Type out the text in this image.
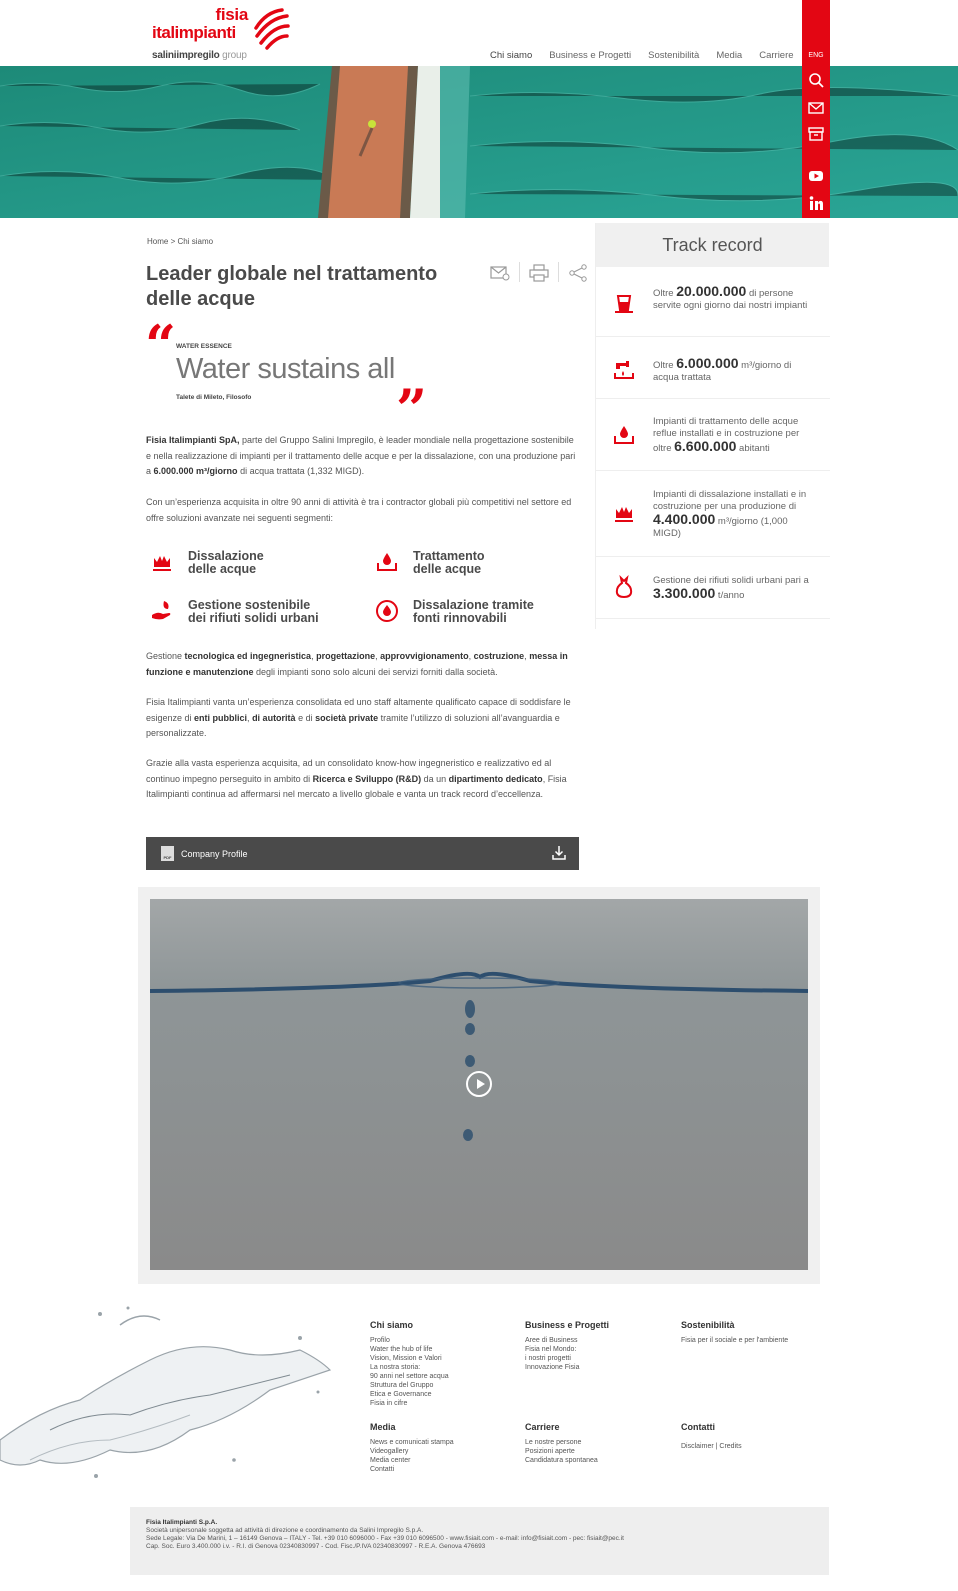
fisia
italimpianti
saliniimpregilo group	Chi siamo Business e Progetti Sostenibilità Media Carriere	ENG
Home > Chi siamo
Leader globale nel trattamento delle acque
“ WATER ESSENCE
Water sustains all
Talete di Mileto, Filosofo	”

Fisia Italimpianti SpA, parte del Gruppo Salini Impregilo, è leader mondiale nella progettazione sostenibile e nella realizzazione di impianti per il trattamento delle acque e per la dissalazione, con una produzione pari a 6.000.000 m³/giorno di acqua trattata (1,332 MIGD).

Con un’esperienza acquisita in oltre 90 anni di attività è tra i contractor globali più competitivi nel settore ed offre soluzioni avanzate nei seguenti segmenti:

Dissalazione
delle acque
Trattamento
delle acque
Gestione sostenibile
dei rifiuti solidi urbani
Dissalazione tramite
fonti rinnovabili

Gestione tecnologica ed ingegneristica, progettazione, approvvigionamento, costruzione, messa in funzione e manutenzione degli impianti sono solo alcuni dei servizi forniti dalla società.

Fisia Italimpianti vanta un’esperienza consolidata ed uno staff altamente qualificato capace di soddisfare le esigenze di enti pubblici, di autorità e di società private tramite l’utilizzo di soluzioni all’avanguardia e personalizzate.

Grazie alla vasta esperienza acquisita, ad un consolidato know-how ingegneristico e realizzativo ed al continuo impegno perseguito in ambito di Ricerca e Sviluppo (R&D) da un dipartimento dedicato, Fisia Italimpianti continua ad affermarsi nel mercato a livello globale e vanta un track record d’eccellenza.

PDF Company Profile
Track record
Oltre 20.000.000 di persone servite ogni giorno dai nostri impianti
Oltre 6.000.000 m³/giorno di acqua trattata
Impianti di trattamento delle acque reflue installati e in costruzione per oltre 6.600.000 abitanti
Impianti di dissalazione installati e in costruzione per una produzione di 4.400.000 m³/giorno (1,000 MIGD)
Gestione dei rifiuti solidi urbani pari a 3.300.000 t/anno
Chi siamo
Profilo
Water the hub of life
Vision, Mission e Valori
La nostra storia:
90 anni nel settore acqua
Struttura del Gruppo
Etica e Governance
Fisia in cifre
Business e Progetti
Aree di Business
Fisia nel Mondo:
i nostri progetti
Innovazione Fisia
Sostenibilità
Fisia per il sociale e per l'ambiente
Media
News e comunicati stampa
Videogallery
Media center
Contatti
Carriere
Le nostre persone
Posizioni aperte
Candidatura spontanea
Contatti
Disclaimer | Credits
Fisia Italimpianti S.p.A.
Società unipersonale soggetta ad attività di direzione e coordinamento da Salini Impregilo S.p.A.
Sede Legale: Via De Marini, 1 – 16149 Genova – ITALY - Tel. +39 010 6096000 - Fax +39 010 6096500 - www.fisiait.com - e-mail: info@fisiait.com - pec: fisiait@pec.it
Cap. Soc. Euro 3.400.000 i.v. - R.I. di Genova 02340830997 - Cod. Fisc./P.IVA 02340830997 - R.E.A. Genova 476693
